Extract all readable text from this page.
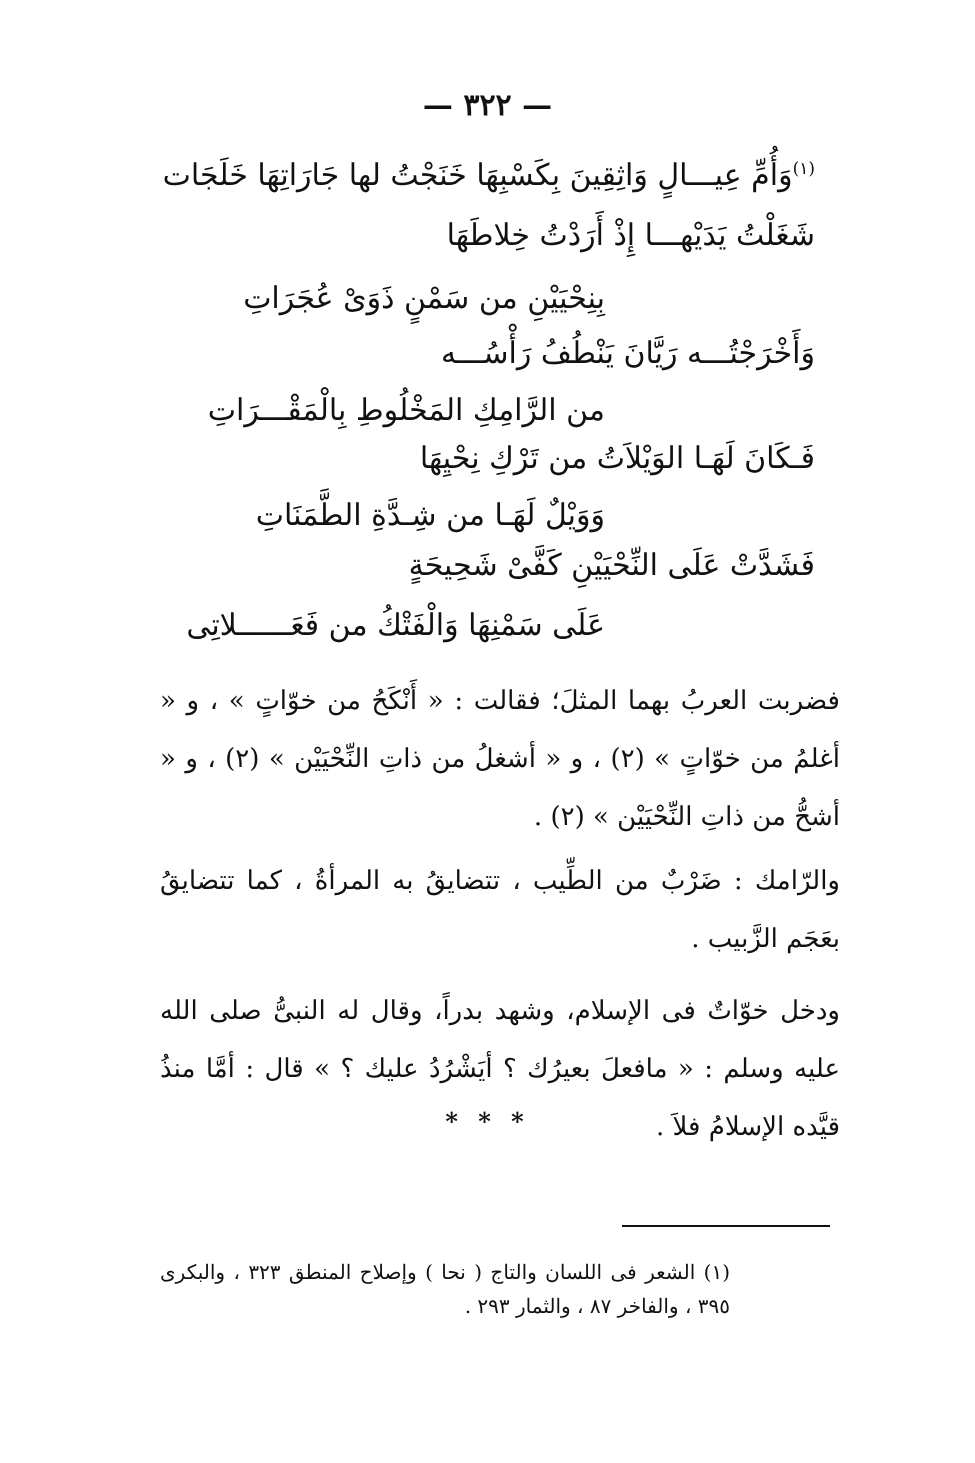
— ٣٢٢ —
$^{(١)}$وَأُمِّ عِيـــالٍ وَاثِقِينَ بِكَسْبِهَا خَنَجْتُ لها جَارَاتِهَا خَلَجَات
شَغَلْتُ يَدَيْهـــا إِذْ أَرَدْتُ خِلاطَهَا
بِنِحْيَيْنِ من سَمْنٍ ذَوَىْ عُجَرَاتِ
وَأَخْرَجْتُـــه رَيَّانَ يَنْطُفُ رَأْسُـــه
من الرَّامِكِ المَخْلُوطِ بِالْمَقْـــرَاتِ
فَـكَانَ لَهَـا الوَيْلاَتُ من تَرْكِ نِحْيِهَا
وَوَيْلٌ لَهَـا من شِـدَّةِ الطَّمَنَاتِ
فَشَدَّتْ عَلَى النِّحْيَيْنِ كَفَّىْ شَحِيحَةٍ
عَلَى سَمْنِهَا وَالْفَتْكُ من فَعَــــــلاتِى
فضربت العربُ بهما المثلَ؛ فقالت : « أَنْكَحُ من خوّاتٍ » ، و « أغلمُ من خوّاتٍ » (٢) ، و « أشغلُ من ذاتِ النِّحْيَيْن » (٢) ، و « أشحُّ من ذاتِ النِّحْيَيْن » (٢) .
والرّامك : ضَرْبٌ من الطِّيب ، تتضايقُ به المرأةُ ، كما تتضايقُ بعَجَم الزَّبيب .
ودخل خوّاتٌ فى الإسلام، وشهد بدراً، وقال له النبىُّ صلى الله عليه وسلم : « مافعلَ بعيرُك ؟ أيَشْرُدُ عليك ؟ » قال : أمَّا منذُ قيَّده الإسلامُ فلاَ .
* * *
(١) الشعر فى اللسان والتاج ( نحا ) وإصلاح المنطق ٣٢٣ ، والبكرى ٣٩٥ ، والفاخر ٨٧ ، والثمار ٢٩٣ .
